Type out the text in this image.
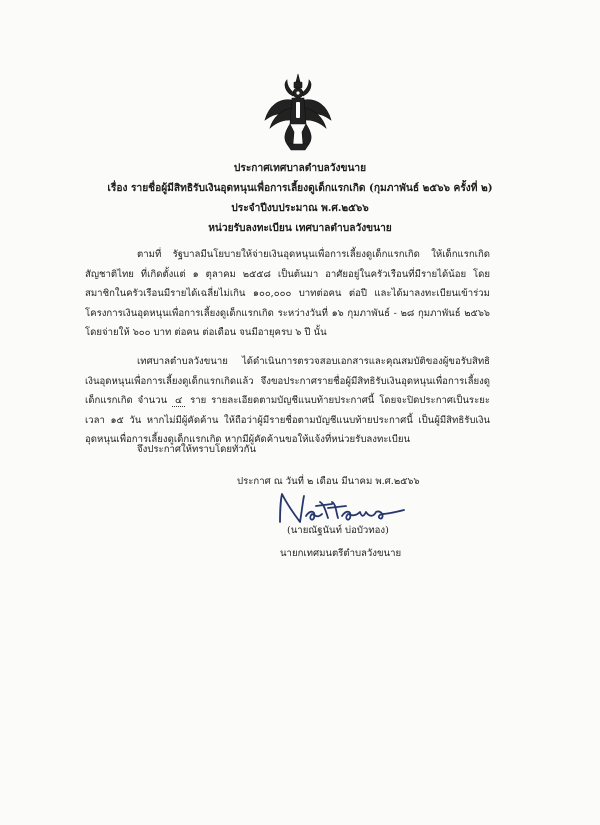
ประกาศเทศบาลตำบลวังขนาย
เรื่อง รายชื่อผู้มีสิทธิรับเงินอุดหนุนเพื่อการเลี้ยงดูเด็กแรกเกิด (กุมภาพันธ์ ๒๕๖๖ ครั้งที่ ๒)
ประจำปีงบประมาณ พ.ศ.๒๕๖๖
หน่วยรับลงทะเบียน เทศบาลตำบลวังขนาย
ตามที่ รัฐบาลมีนโยบายให้จ่ายเงินอุดหนุนเพื่อการเลี้ยงดูเด็กแรกเกิด ให้เด็กแรกเกิดสัญชาติไทย ที่เกิดตั้งแต่ ๑ ตุลาคม ๒๕๕๘ เป็นต้นมา อาศัยอยู่ในครัวเรือนที่มีรายได้น้อย โดยสมาชิกในครัวเรือนมีรายได้เฉลี่ยไม่เกิน ๑๐๐,๐๐๐ บาทต่อคน ต่อปี และได้มาลงทะเบียนเข้าร่วมโครงการเงินอุดหนุนเพื่อการเลี้ยงดูเด็กแรกเกิด ระหว่างวันที่ ๑๖ กุมภาพันธ์ - ๒๘ กุมภาพันธ์ ๒๕๖๖ โดยจ่ายให้ ๖๐๐ บาท ต่อคน ต่อเดือน จนมีอายุครบ ๖ ปี นั้น
เทศบาลตำบลวังขนาย ได้ดำเนินการตรวจสอบเอกสารและคุณสมบัติของผู้ขอรับสิทธิเงินอุดหนุนเพื่อการเลี้ยงดูเด็กแรกเกิดแล้ว จึงขอประกาศรายชื่อผู้มีสิทธิรับเงินอุดหนุนเพื่อการเลี้ยงดูเด็กแรกเกิด จำนวน ๔ ราย รายละเอียดตามบัญชีแนบท้ายประกาศนี้ โดยจะปิดประกาศเป็นระยะเวลา ๑๕ วัน หากไม่มีผู้คัดค้าน ให้ถือว่าผู้มีรายชื่อตามบัญชีแนบท้ายประกาศนี้ เป็นผู้มีสิทธิรับเงินอุดหนุนเพื่อการเลี้ยงดูเด็กแรกเกิด หากมีผู้คัดค้านขอให้แจ้งที่หน่วยรับลงทะเบียน
จึงประกาศให้ทราบโดยทั่วกัน
ประกาศ ณ วันที่ ๒ เดือน มีนาคม พ.ศ.๒๕๖๖
(นายณัฐนันท์ บ่อบัวทอง)
นายกเทศมนตรีตำบลวังขนาย
